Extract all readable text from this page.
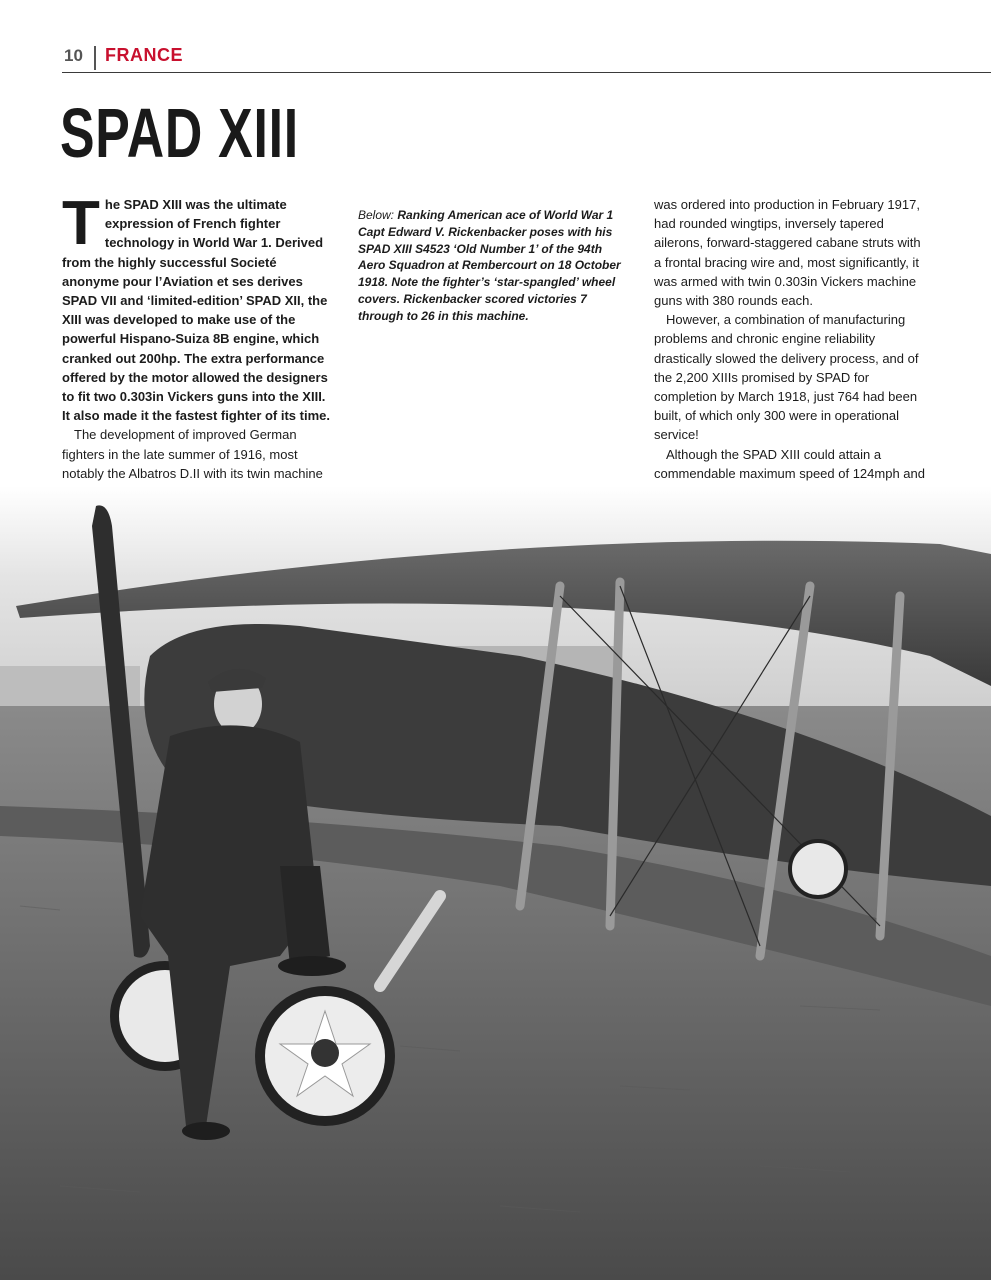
10 FRANCE
SPAD XIII

The SPAD XIII was the ultimate expression of French fighter technology in World War 1. Derived from the highly successful Societé anonyme pour l’Aviation et ses derives SPAD VII and ‘limited-edition’ SPAD XII, the XIII was developed to make use of the powerful Hispano-Suiza 8B engine, which cranked out 200hp. The extra performance offered by the motor allowed the designers to fit two 0.303in Vickers guns into the XIII. It also made it the fastest fighter of its time.

The development of improved German fighters in the late summer of 1916, most notably the Albatros D.II with its twin machine

Below: Ranking American ace of World War 1 Capt Edward V. Rickenbacker poses with his SPAD XIII S4523 ‘Old Number 1’ of the 94th Aero Squadron at Rembercourt on 18 October 1918. Note the fighter’s ‘star-spangled’ wheel covers. Rickenbacker scored victories 7 through to 26 in this machine.

was ordered into production in February 1917, had rounded wingtips, inversely tapered ailerons, forward-staggered cabane struts with a frontal bracing wire and, most significantly, it was armed with twin 0.303in Vickers machine guns with 380 rounds each.

However, a combination of manufacturing problems and chronic engine reliability drastically slowed the delivery process, and of the 2,200 XIIIs promised by SPAD for completion by March 1918, just 764 had been built, of which only 300 were in operational service!

Although the SPAD XIII could attain a commendable maximum speed of 124mph and
